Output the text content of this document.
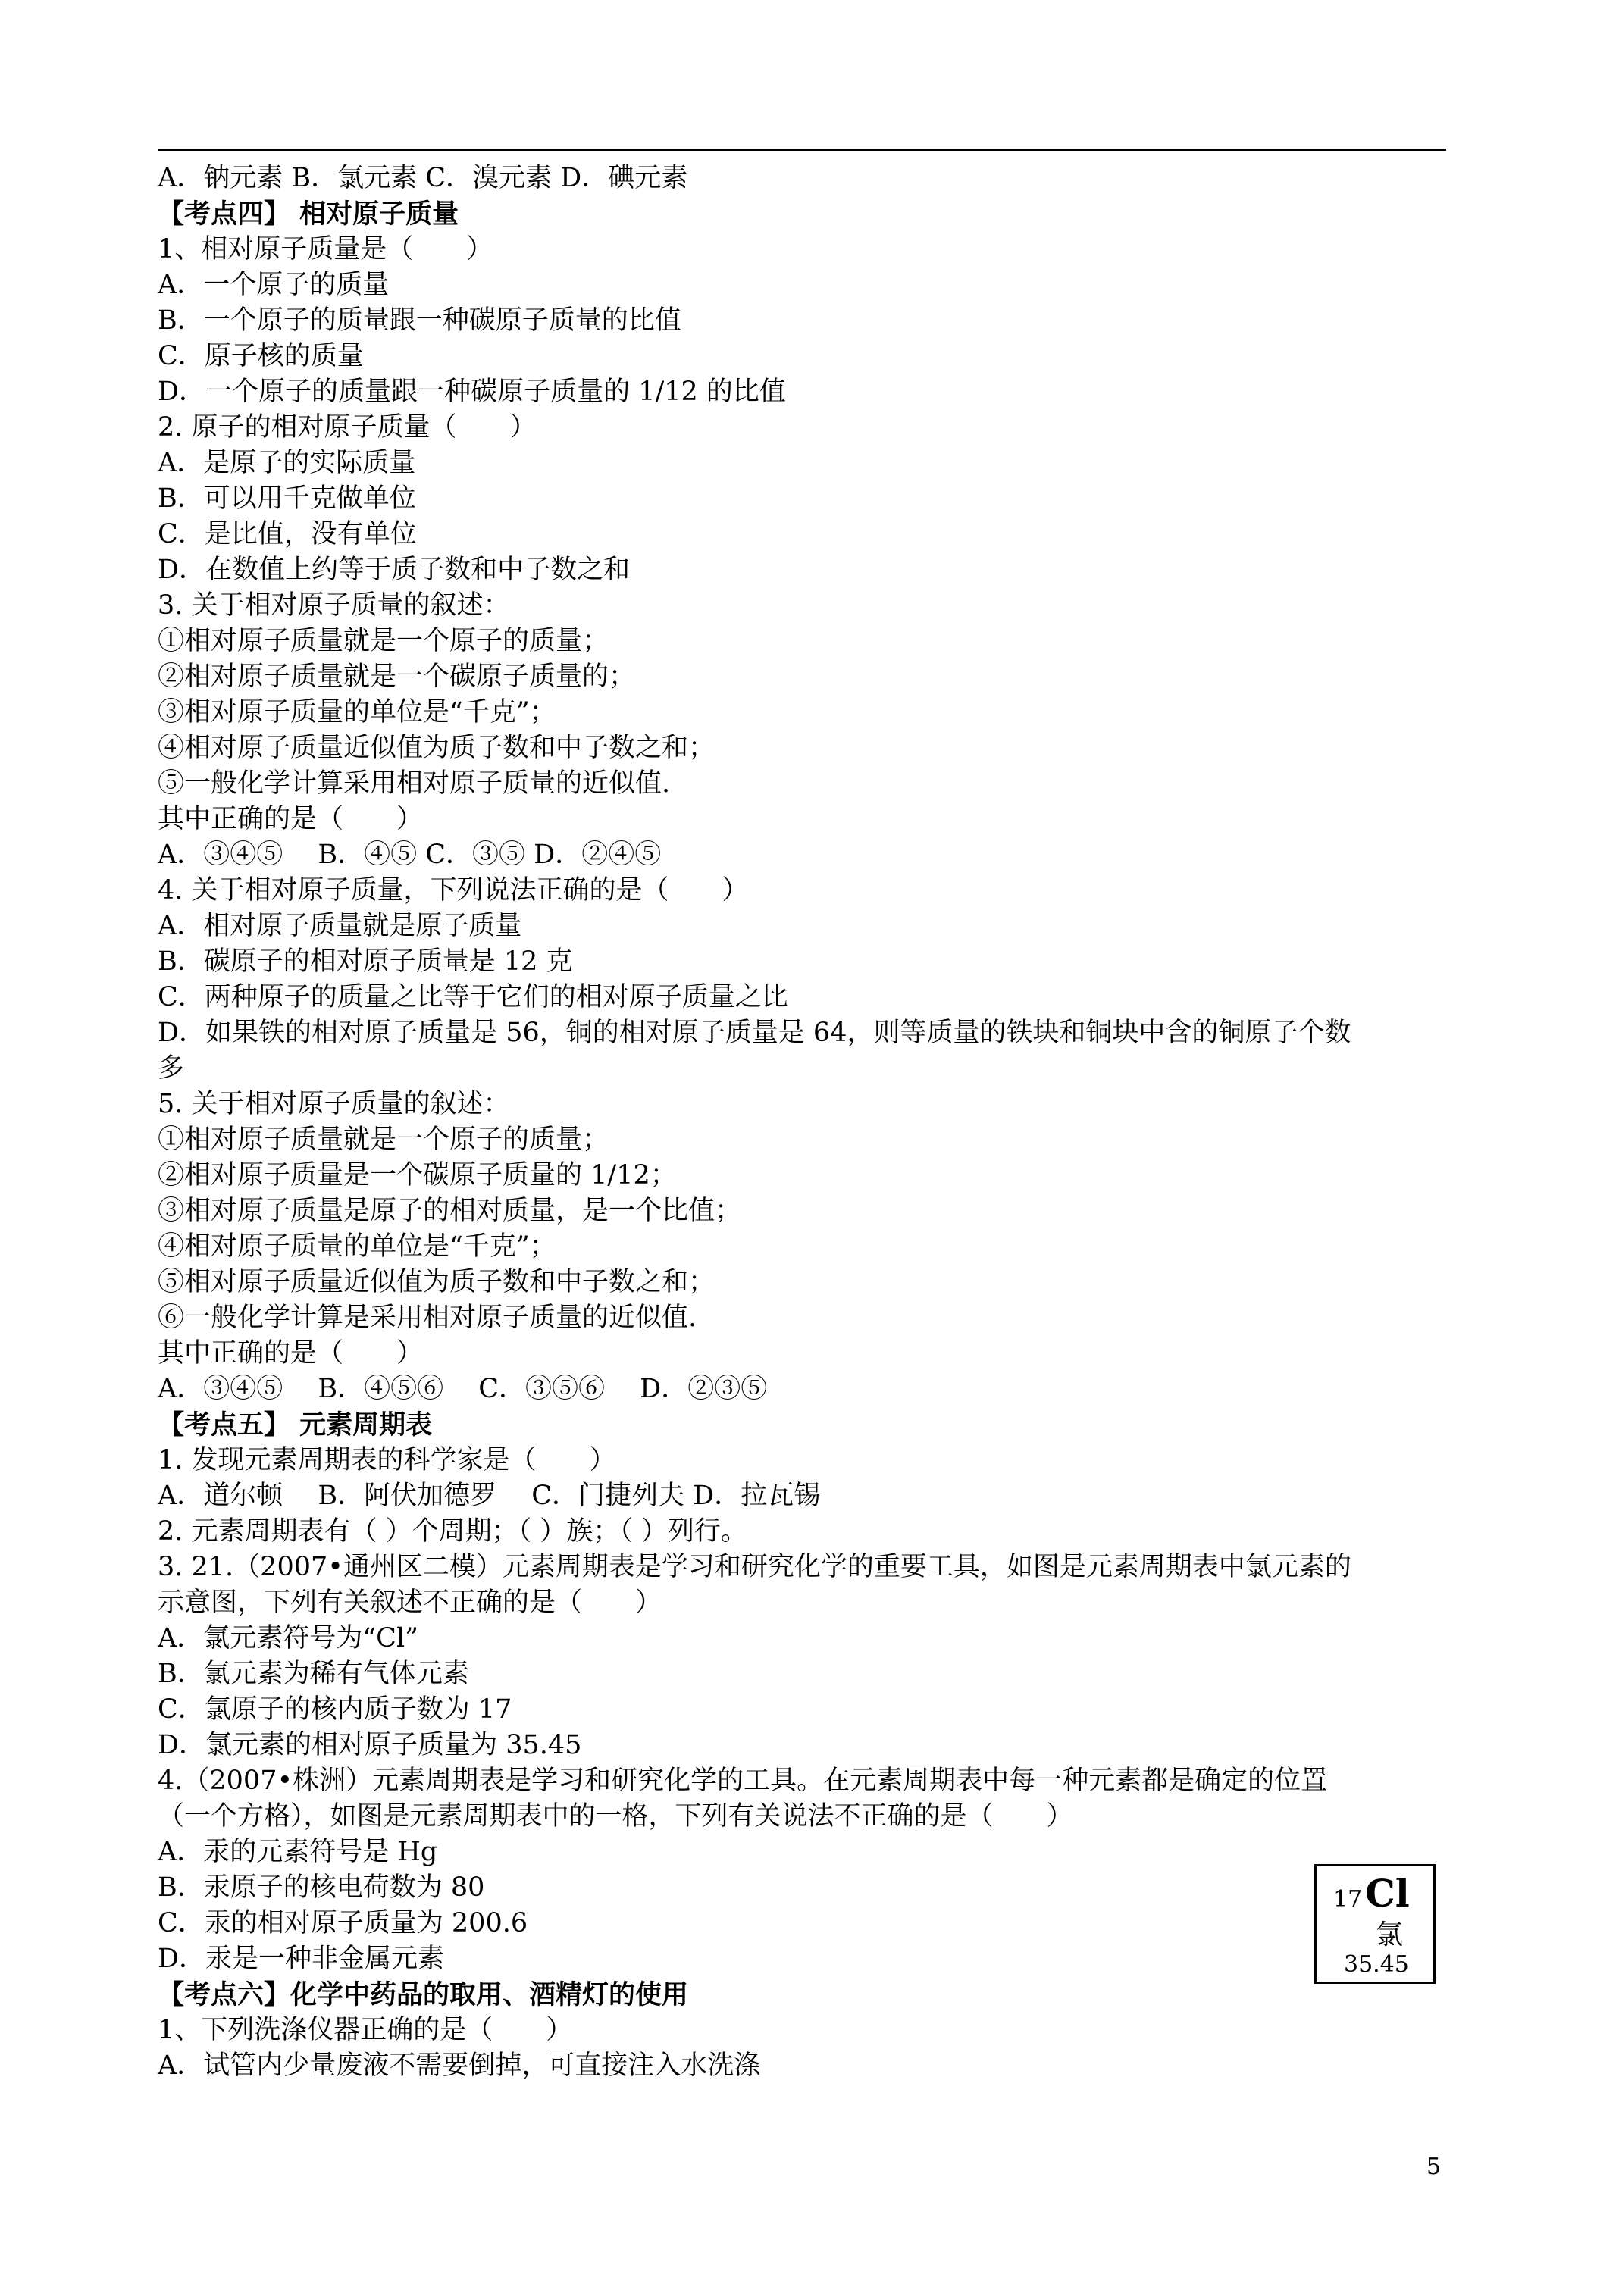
A．钠元素 B．氯元素 C．溴元素 D．碘元素
【考点四】 相对原子质量
1、相对原子质量是（　　）
A．一个原子的质量
B．一个原子的质量跟一种碳原子质量的比值
C．原子核的质量
D．一个原子的质量跟一种碳原子质量的 1/12 的比值
2. 原子的相对原子质量（　　）
A．是原子的实际质量
B．可以用千克做单位
C．是比值，没有单位
D．在数值上约等于质子数和中子数之和
3. 关于相对原子质量的叙述：
①相对原子质量就是一个原子的质量；
②相对原子质量就是一个碳原子质量的；
③相对原子质量的单位是“千克”；
④相对原子质量近似值为质子数和中子数之和；
⑤一般化学计算采用相对原子质量的近似值.
其中正确的是（　　）
A．③④⑤　 B．④⑤ C．③⑤ D．②④⑤
4. 关于相对原子质量，下列说法正确的是（　　）
A．相对原子质量就是原子质量
B．碳原子的相对原子质量是 12 克
C．两种原子的质量之比等于它们的相对原子质量之比
D．如果铁的相对原子质量是 56，铜的相对原子质量是 64，则等质量的铁块和铜块中含的铜原子个数
多
5. 关于相对原子质量的叙述：
①相对原子质量就是一个原子的质量；
②相对原子质量是一个碳原子质量的 1/12；
③相对原子质量是原子的相对质量，是一个比值；
④相对原子质量的单位是“千克”；
⑤相对原子质量近似值为质子数和中子数之和；
⑥一般化学计算是采用相对原子质量的近似值.
其中正确的是（　　）
A．③④⑤　 B．④⑤⑥　 C．③⑤⑥　 D．②③⑤
【考点五】 元素周期表
1. 发现元素周期表的科学家是（　　）
A．道尔顿　 B．阿伏加德罗　 C．门捷列夫 D．拉瓦锡
2. 元素周期表有（ ）个周期；（ ）族；（ ）列行。
3. 21.（2007•通州区二模）元素周期表是学习和研究化学的重要工具，如图是元素周期表中氯元素的
示意图，下列有关叙述不正确的是（　　）
A．氯元素符号为“Cl”
B．氯元素为稀有气体元素
C．氯原子的核内质子数为 17
D．氯元素的相对原子质量为 35.45
4.（2007•株洲）元素周期表是学习和研究化学的工具。在元素周期表中每一种元素都是确定的位置
（一个方格），如图是元素周期表中的一格，下列有关说法不正确的是（　　）
A．汞的元素符号是 Hg
B．汞原子的核电荷数为 80
C．汞的相对原子质量为 200.6
D．汞是一种非金属元素
【考点六】化学中药品的取用、酒精灯的使用
1、下列洗涤仪器正确的是（　　）
A．试管内少量废液不需要倒掉，可直接注入水洗涤
17 Cl
氯
35.45
5
